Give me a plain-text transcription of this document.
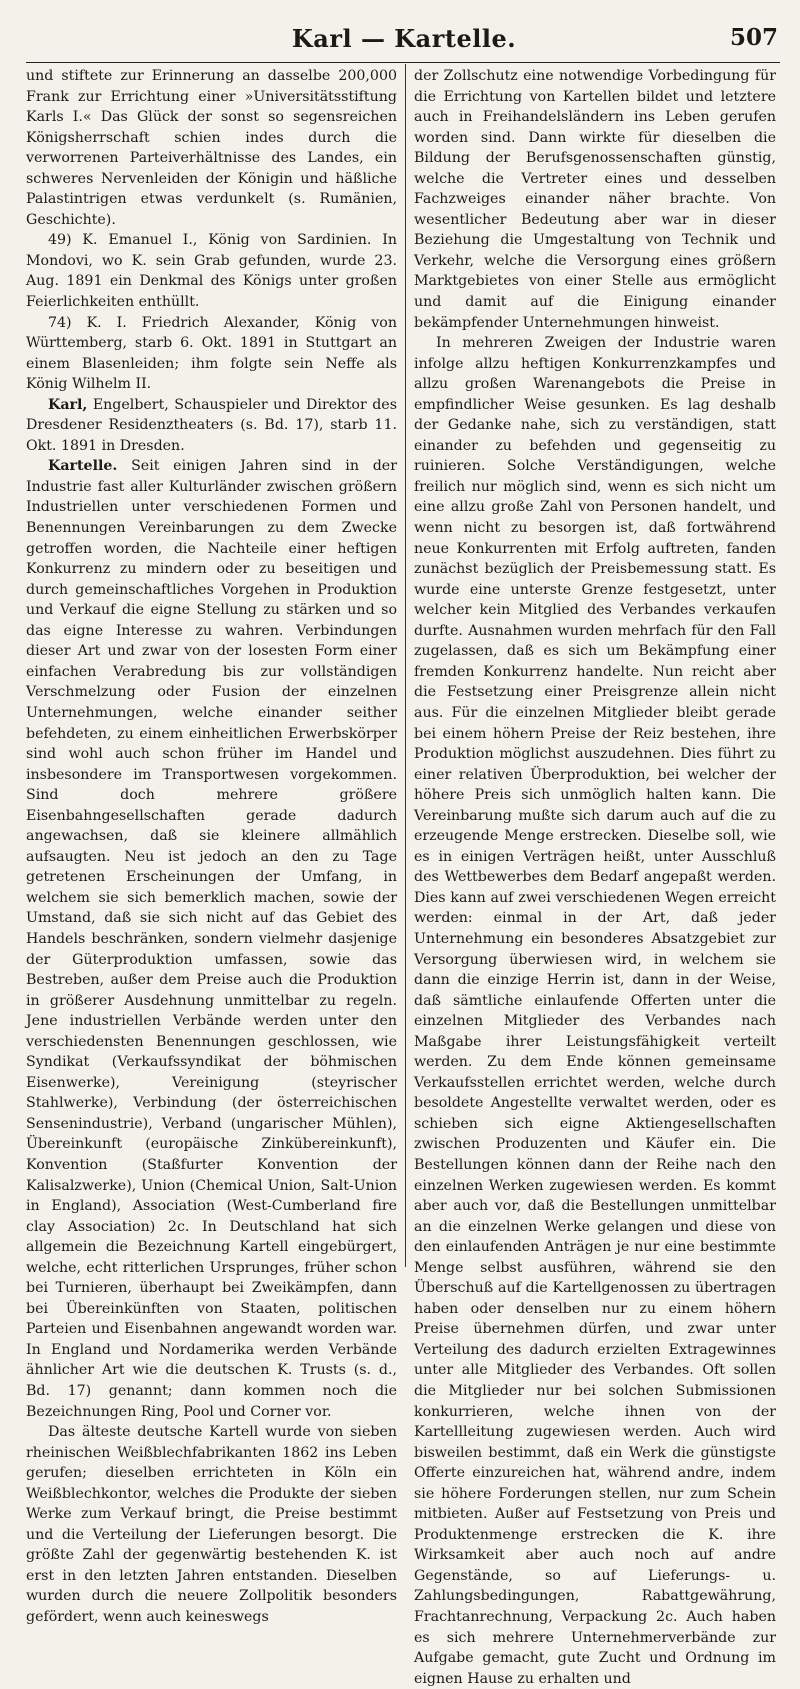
Karl — Kartelle.	507

und stiftete zur Erinnerung an dasselbe 200,000 Frank zur Errichtung einer »Universitätsstiftung Karls I.« Das Glück der sonst so segensreichen Königsherrschaft schien indes durch die verworrenen Parteiverhältnisse des Landes, ein schweres Nervenleiden der Königin und häßliche Palastintrigen etwas verdunkelt (s. Rumänien, Geschichte).

49) K. Emanuel I., König von Sardinien. In Mondovi, wo K. sein Grab gefunden, wurde 23. Aug. 1891 ein Denkmal des Königs unter großen Feierlichkeiten enthüllt.

74) K. I. Friedrich Alexander, König von Württemberg, starb 6. Okt. 1891 in Stuttgart an einem Blasenleiden; ihm folgte sein Neffe als König Wilhelm II.

Karl, Engelbert, Schauspieler und Direktor des Dresdener Residenztheaters (s. Bd. 17), starb 11. Okt. 1891 in Dresden.

Kartelle. Seit einigen Jahren sind in der Industrie fast aller Kulturländer zwischen größern Industriellen unter verschiedenen Formen und Benennungen Vereinbarungen zu dem Zwecke getroffen worden, die Nachteile einer heftigen Konkurrenz zu mindern oder zu beseitigen und durch gemeinschaftliches Vorgehen in Produktion und Verkauf die eigne Stellung zu stärken und so das eigne Interesse zu wahren. Verbindungen dieser Art und zwar von der losesten Form einer einfachen Verabredung bis zur vollständigen Verschmelzung oder Fusion der einzelnen Unternehmungen, welche einander seither befehdeten, zu einem einheitlichen Erwerbskörper sind wohl auch schon früher im Handel und insbesondere im Transportwesen vorgekommen. Sind doch mehrere größere Eisenbahngesellschaften gerade dadurch angewachsen, daß sie kleinere allmählich aufsaugten. Neu ist jedoch an den zu Tage getretenen Erscheinungen der Umfang, in welchem sie sich bemerklich machen, sowie der Umstand, daß sie sich nicht auf das Gebiet des Handels beschränken, sondern vielmehr dasjenige der Güterproduktion umfassen, sowie das Bestreben, außer dem Preise auch die Produktion in größerer Ausdehnung unmittelbar zu regeln. Jene industriellen Verbände werden unter den verschiedensten Benennungen geschlossen, wie Syndikat (Verkaufssyndikat der böhmischen Eisenwerke), Vereinigung (steyrischer Stahlwerke), Verbindung (der österreichischen Sensenindustrie), Verband (ungarischer Mühlen), Übereinkunft (europäische Zinkübereinkunft), Konvention (Staßfurter Konvention der Kalisalzwerke), Union (Chemical Union, Salt-Union in England), Association (West-Cumberland fire clay Association) 2c. In Deutschland hat sich allgemein die Bezeichnung Kartell eingebürgert, welche, echt ritterlichen Ursprunges, früher schon bei Turnieren, überhaupt bei Zweikämpfen, dann bei Übereinkünften von Staaten, politischen Parteien und Eisenbahnen angewandt worden war. In England und Nordamerika werden Verbände ähnlicher Art wie die deutschen K. Trusts (s. d., Bd. 17) genannt; dann kommen noch die Bezeichnungen Ring, Pool und Corner vor.

Das älteste deutsche Kartell wurde von sieben rheinischen Weißblechfabrikanten 1862 ins Leben gerufen; dieselben errichteten in Köln ein Weißblechkontor, welches die Produkte der sieben Werke zum Verkauf bringt, die Preise bestimmt und die Verteilung der Lieferungen besorgt. Die größte Zahl der gegenwärtig bestehenden K. ist erst in den letzten Jahren entstanden. Dieselben wurden durch die neuere Zollpolitik besonders gefördert, wenn auch keineswegs

der Zollschutz eine notwendige Vorbedingung für die Errichtung von Kartellen bildet und letztere auch in Freihandelsländern ins Leben gerufen worden sind. Dann wirkte für dieselben die Bildung der Berufsgenossenschaften günstig, welche die Vertreter eines und desselben Fachzweiges einander näher brachte. Von wesentlicher Bedeutung aber war in dieser Beziehung die Umgestaltung von Technik und Verkehr, welche die Versorgung eines größern Marktgebietes von einer Stelle aus ermöglicht und damit auf die Einigung einander bekämpfender Unternehmungen hinweist.

In mehreren Zweigen der Industrie waren infolge allzu heftigen Konkurrenzkampfes und allzu großen Warenangebots die Preise in empfindlicher Weise gesunken. Es lag deshalb der Gedanke nahe, sich zu verständigen, statt einander zu befehden und gegenseitig zu ruinieren. Solche Verständigungen, welche freilich nur möglich sind, wenn es sich nicht um eine allzu große Zahl von Personen handelt, und wenn nicht zu besorgen ist, daß fortwährend neue Konkurrenten mit Erfolg auftreten, fanden zunächst bezüglich der Preisbemessung statt. Es wurde eine unterste Grenze festgesetzt, unter welcher kein Mitglied des Verbandes verkaufen durfte. Ausnahmen wurden mehrfach für den Fall zugelassen, daß es sich um Bekämpfung einer fremden Konkurrenz handelte. Nun reicht aber die Festsetzung einer Preisgrenze allein nicht aus. Für die einzelnen Mitglieder bleibt gerade bei einem höhern Preise der Reiz bestehen, ihre Produktion möglichst auszudehnen. Dies führt zu einer relativen Überproduktion, bei welcher der höhere Preis sich unmöglich halten kann. Die Vereinbarung mußte sich darum auch auf die zu erzeugende Menge erstrecken. Dieselbe soll, wie es in einigen Verträgen heißt, unter Ausschluß des Wettbewerbes dem Bedarf angepaßt werden. Dies kann auf zwei verschiedenen Wegen erreicht werden: einmal in der Art, daß jeder Unternehmung ein besonderes Absatzgebiet zur Versorgung überwiesen wird, in welchem sie dann die einzige Herrin ist, dann in der Weise, daß sämtliche einlaufende Offerten unter die einzelnen Mitglieder des Verbandes nach Maßgabe ihrer Leistungsfähigkeit verteilt werden. Zu dem Ende können gemeinsame Verkaufsstellen errichtet werden, welche durch besoldete Angestellte verwaltet werden, oder es schieben sich eigne Aktiengesellschaften zwischen Produzenten und Käufer ein. Die Bestellungen können dann der Reihe nach den einzelnen Werken zugewiesen werden. Es kommt aber auch vor, daß die Bestellungen unmittelbar an die einzelnen Werke gelangen und diese von den einlaufenden Anträgen je nur eine bestimmte Menge selbst ausführen, während sie den Überschuß auf die Kartellgenossen zu übertragen haben oder denselben nur zu einem höhern Preise übernehmen dürfen, und zwar unter Verteilung des dadurch erzielten Extragewinnes unter alle Mitglieder des Verbandes. Oft sollen die Mitglieder nur bei solchen Submissionen konkurrieren, welche ihnen von der Kartellleitung zugewiesen werden. Auch wird bisweilen bestimmt, daß ein Werk die günstigste Offerte einzureichen hat, während andre, indem sie höhere Forderungen stellen, nur zum Schein mitbieten. Außer auf Festsetzung von Preis und Produktenmenge erstrecken die K. ihre Wirksamkeit aber auch noch auf andre Gegenstände, so auf Lieferungs- u. Zahlungsbedingungen, Rabattgewährung, Frachtanrechnung, Verpackung 2c. Auch haben es sich mehrere Unternehmerverbände zur Aufgabe gemacht, gute Zucht und Ordnung im eignen Hause zu erhalten und
